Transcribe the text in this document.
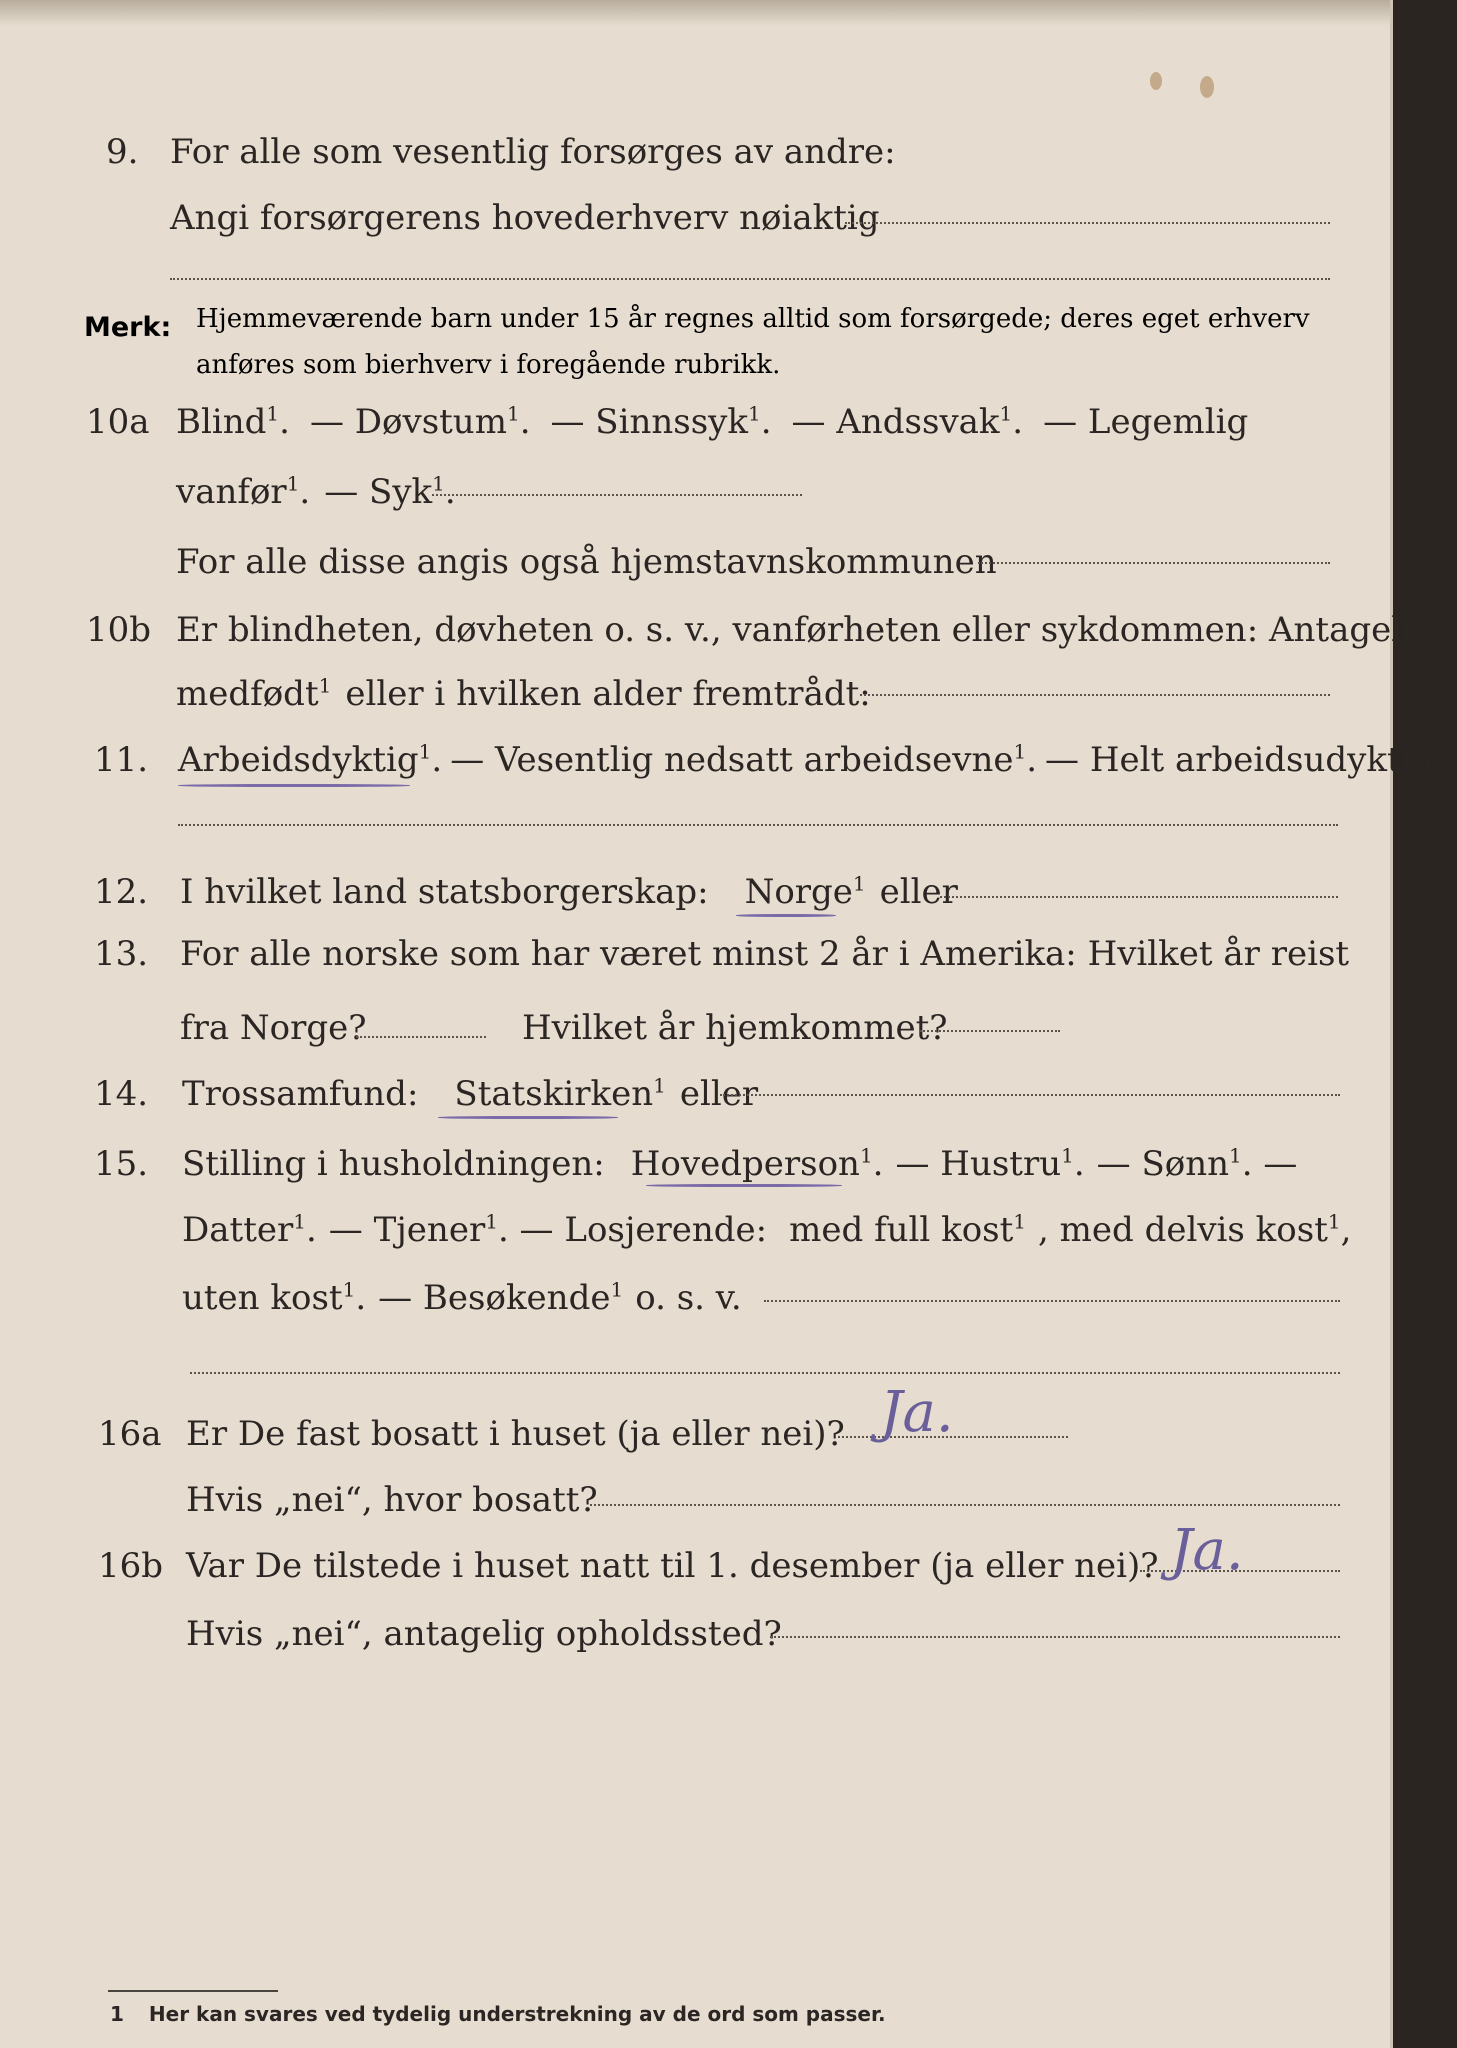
9. For alle som vesentlig forsørges av andre:
Angi forsørgerens hovederhverv nøiaktig
Merk: Hjemmeværende barn under 15 år regnes alltid som forsørgede; deres eget erhverv
anføres som bierhverv i foregående rubrikk.
10a Blind$^1$. — Døvstum$^1$. — Sinnssyk$^1$. — Andssvak$^1$. — Legemlig
vanfør$^1$. — Syk$^1$.
For alle disse angis også hjemstavnskommunen
10b Er blindheten, døvheten o. s. v., vanførheten eller sykdommen: Antagelig
medfødt$^1$ eller i hvilken alder fremtrådt:
11. Arbeidsdyktig$^1$. — Vesentlig nedsatt arbeidsevne$^1$. — Helt arbeidsudyktig$^1$.
12. I hvilket land statsborgerskap: Norge$^1$ eller
13. For alle norske som har været minst 2 år i Amerika: Hvilket år reist
fra Norge?	Hvilket år hjemkommet?
14. Trossamfund: Statskirken$^1$ eller
15. Stilling i husholdningen: Hovedperson$^1$. — Hustru$^1$. — Sønn$^1$. —
Datter$^1$. — Tjener$^1$. — Losjerende: med full kost$^1$ , med delvis kost$^1$,
uten kost$^1$. — Besøkende$^1$ o. s. v.
16a Er De fast bosatt i huset (ja eller nei)? Ja.
Hvis „nei“, hvor bosatt?
16b Var De tilstede i huset natt til 1. desember (ja eller nei)? Ja.
Hvis „nei“, antagelig opholdssted?
1 Her kan svares ved tydelig understrekning av de ord som passer.
